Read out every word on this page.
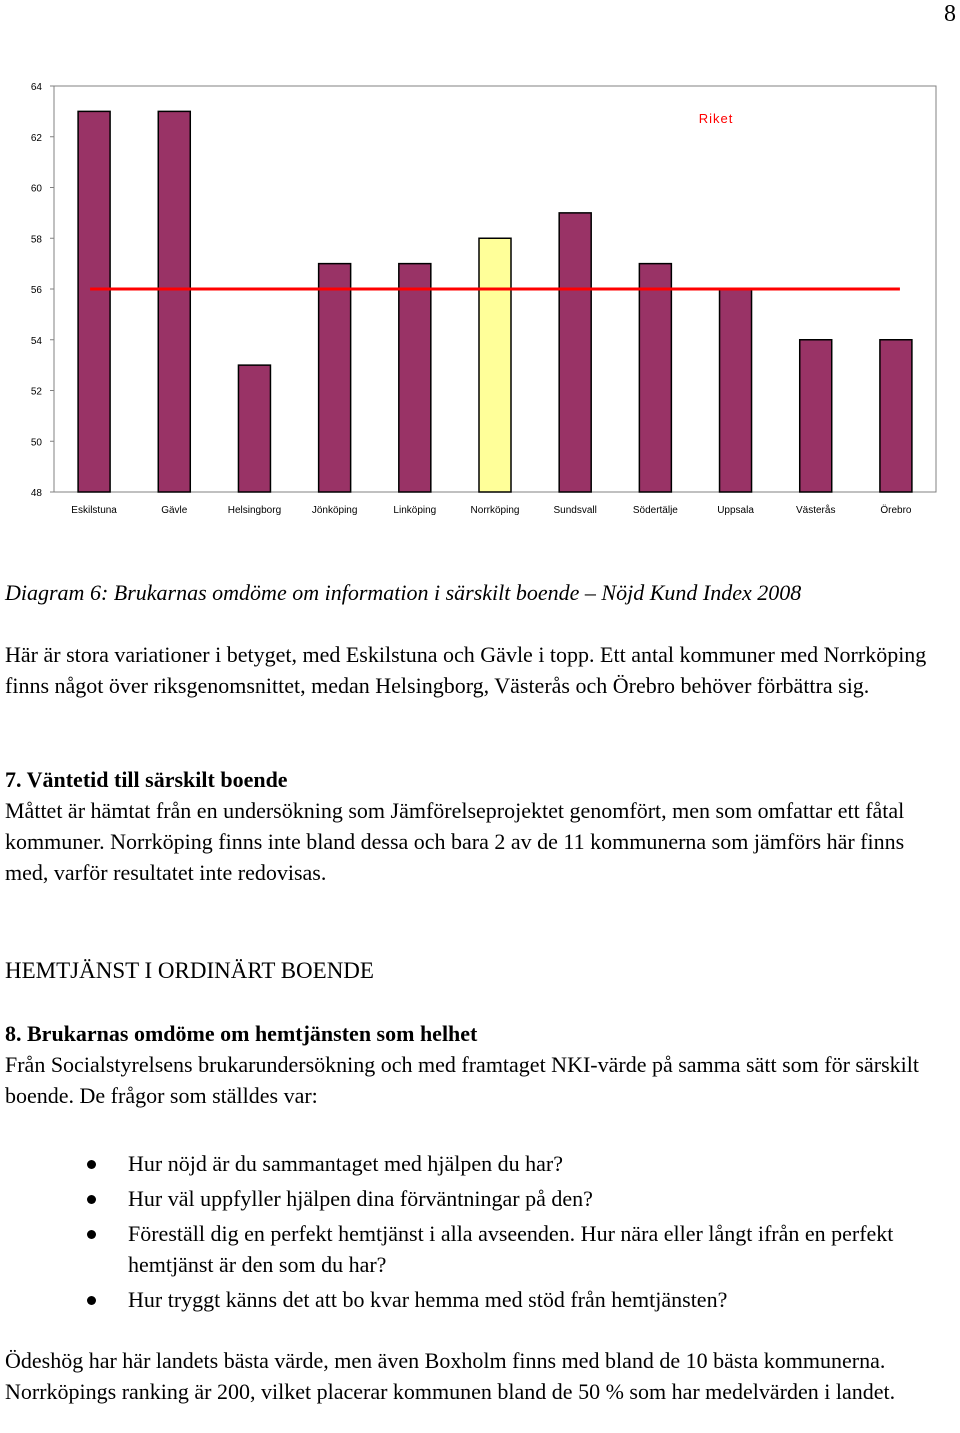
8
48
50
52
54
56
58
60
62
64
Eskilstuna	Gävle	Helsingborg	Jönköping	Linköping	Norrköping	Sundsvall	Södertälje	Uppsala	Västerås	Örebro
Riket

Diagram 6: Brukarnas omdöme om information i särskilt boende – Nöjd Kund Index 2008

Här är stora variationer i betyget, med Eskilstuna och Gävle i topp. Ett antal kommuner med Norrköping finns något över riksgenomsnittet, medan Helsingborg, Västerås och Örebro behöver förbättra sig.

7. Väntetid till särskilt boende

Måttet är hämtat från en undersökning som Jämförelseprojektet genomfört, men som omfattar ett fåtal kommuner. Norrköping finns inte bland dessa och bara 2 av de 11 kommunerna som jämförs här finns med, varför resultatet inte redovisas.

HEMTJÄNST I ORDINÄRT BOENDE

8. Brukarnas omdöme om hemtjänsten som helhet

Från Socialstyrelsens brukarundersökning och med framtaget NKI-värde på samma sätt som för särskilt boende. De frågor som ställdes var:

Hur nöjd är du sammantaget med hjälpen du har?
Hur väl uppfyller hjälpen dina förväntningar på den?
Föreställ dig en perfekt hemtjänst i alla avseenden. Hur nära eller långt ifrån en perfekt hemtjänst är den som du har?
Hur tryggt känns det att bo kvar hemma med stöd från hemtjänsten?

Ödeshög har här landets bästa värde, men även Boxholm finns med bland de 10 bästa kommunerna. Norrköpings ranking är 200, vilket placerar kommunen bland de 50 % som har medelvärden i landet.
